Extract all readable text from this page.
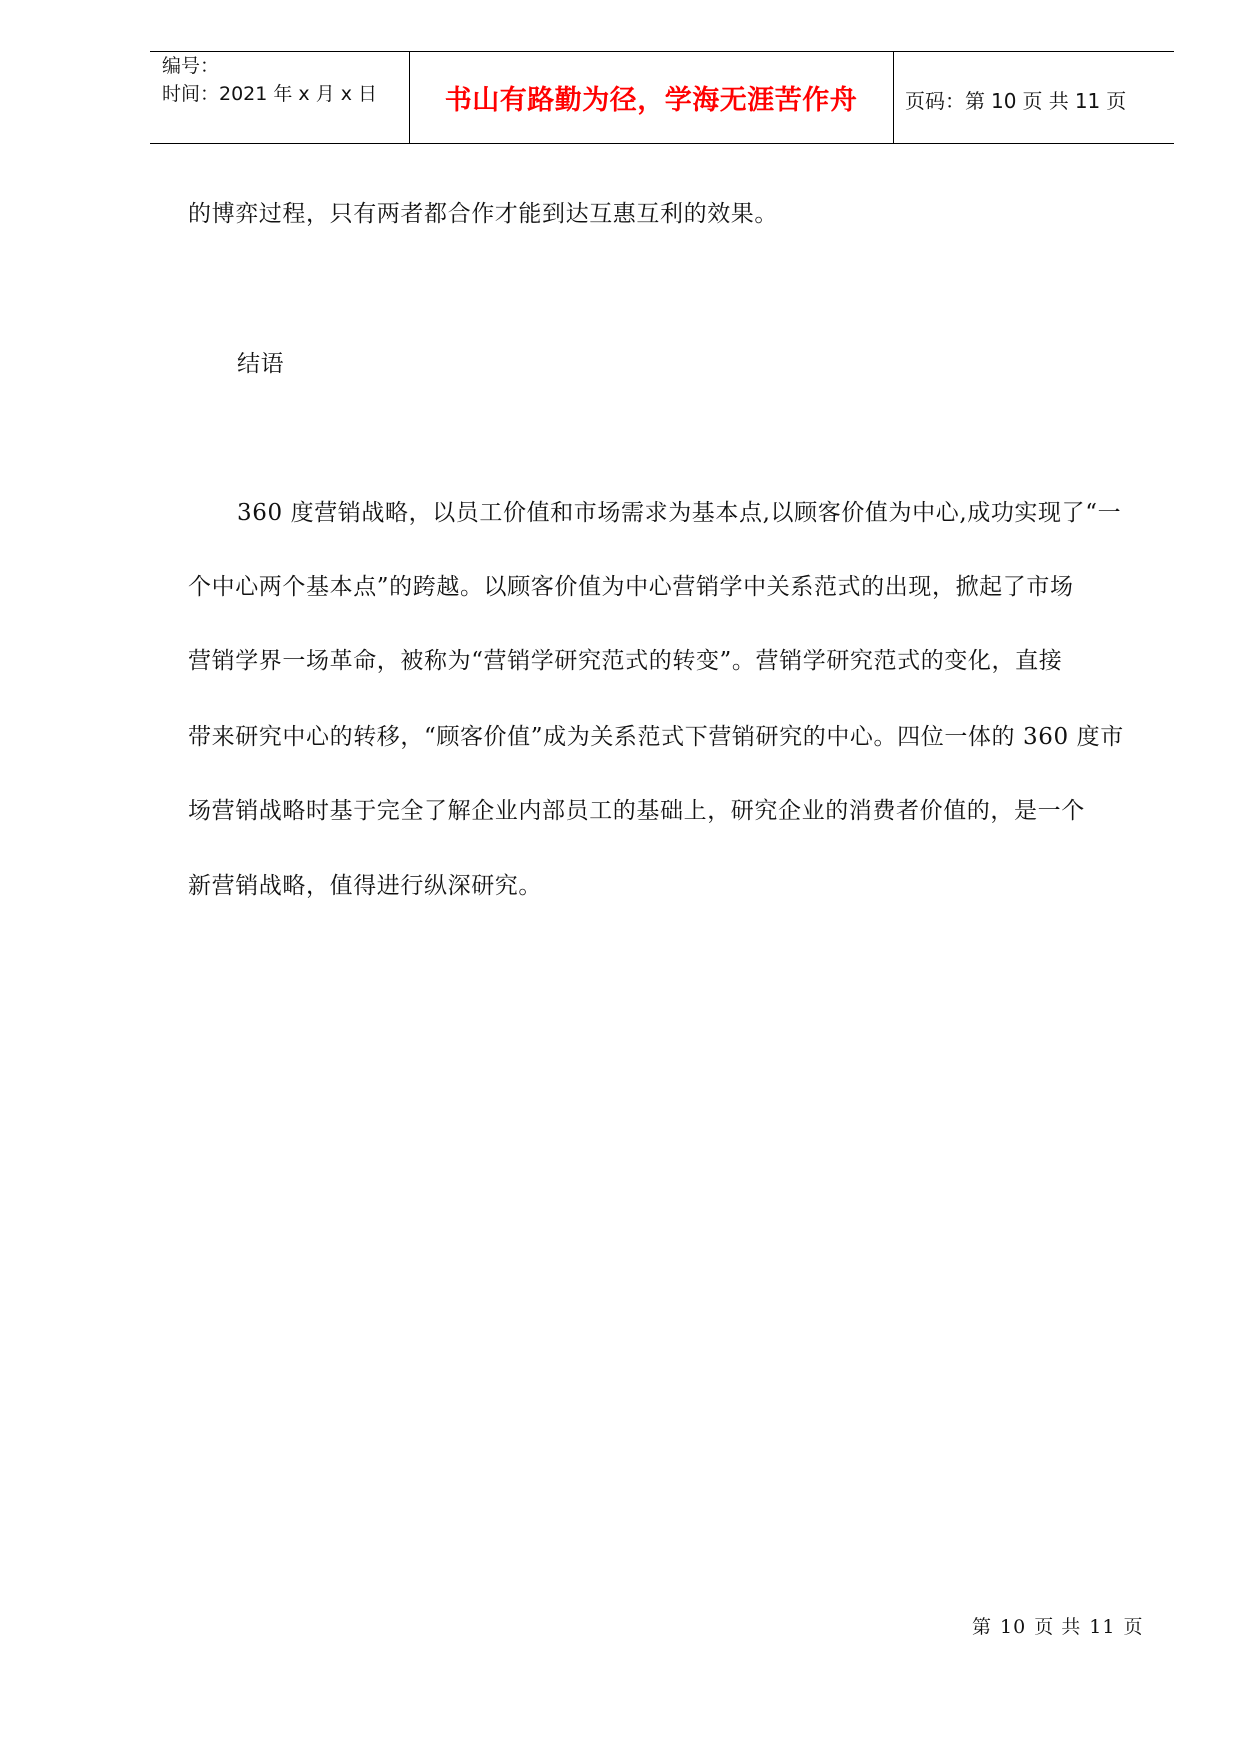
编号：
时间：2021 年 x 月 x 日	书山有路勤为径，学海无涯苦作舟	页码：第 10 页 共 11 页
的博弈过程，只有两者都合作才能到达互惠互利的效果。
结语
360 度营销战略，以员工价值和市场需求为基本点,以顾客价值为中心,成功实现了“一
个中心两个基本点”的跨越。以顾客价值为中心营销学中关系范式的出现，掀起了市场
营销学界一场革命，被称为“营销学研究范式的转变”。营销学研究范式的变化，直接
带来研究中心的转移，“顾客价值”成为关系范式下营销研究的中心。四位一体的 360 度市
场营销战略时基于完全了解企业内部员工的基础上，研究企业的消费者价值的，是一个
新营销战略，值得进行纵深研究。
第 10 页 共 11 页
